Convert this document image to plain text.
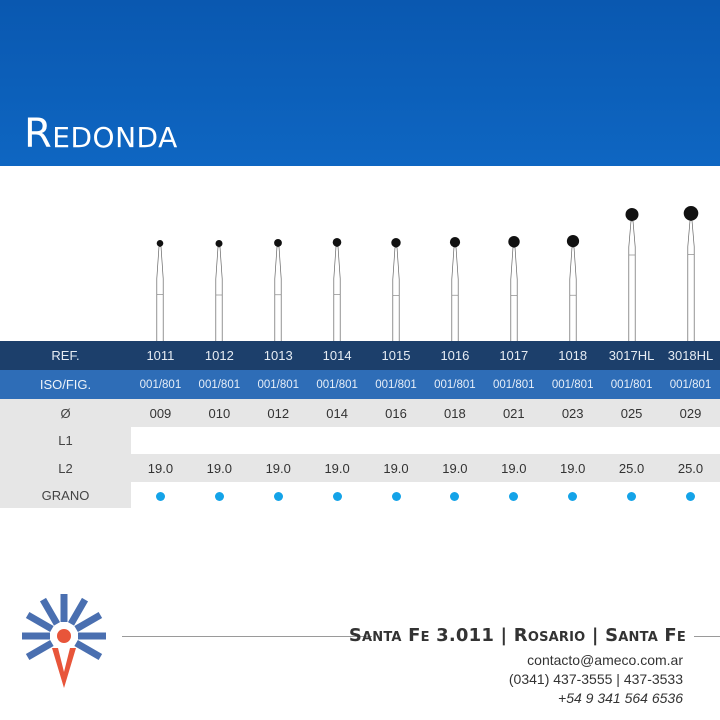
Redonda
REF.	1011	1012	1013	1014	1015	1016	1017	1018	3017HL	3018HL
ISO/FIG.	001/801	001/801	001/801	001/801	001/801	001/801	001/801	001/801	001/801	001/801
Ø	009	010	012	014	016	018	021	023	025	029
L1										
L2	19.0	19.0	19.0	19.0	19.0	19.0	19.0	19.0	25.0	25.0
GRANO										
Santa Fe 3.011 | Rosario | Santa Fe
contacto@ameco.com.ar
(0341) 437-3555 | 437-3533
+54 9 341 564 6536
